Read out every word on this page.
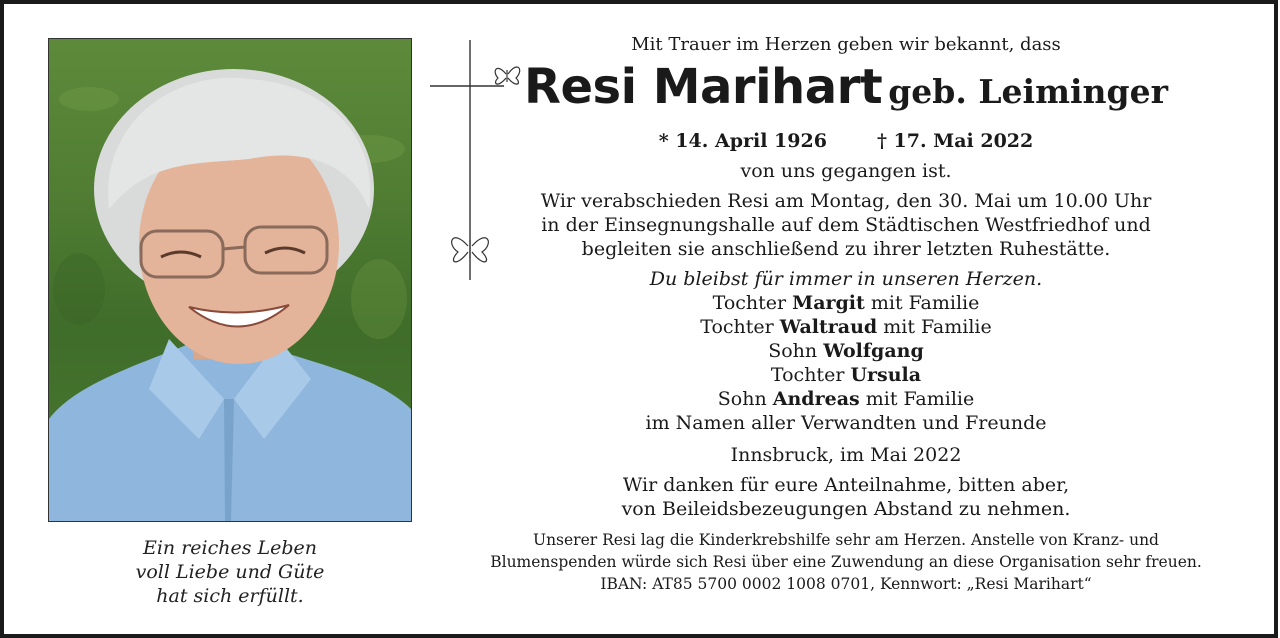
Ein reiches Leben
voll Liebe und Güte
hat sich erfüllt.
Mit Trauer im Herzen geben wir bekannt, dass
Resi Marihart geb. Leiminger
* 14. April 1926	† 17. Mai 2022
von uns gegangen ist.
Wir verabschieden Resi am Montag, den 30. Mai um 10.00 Uhr
in der Einsegnungshalle auf dem Städtischen Westfriedhof und
begleiten sie anschließend zu ihrer letzten Ruhestätte.
Du bleibst für immer in unseren Herzen.
Tochter Margit mit Familie
Tochter Waltraud mit Familie
Sohn Wolfgang
Tochter Ursula
Sohn Andreas mit Familie
im Namen aller Verwandten und Freunde
Innsbruck, im Mai 2022
Wir danken für eure Anteilnahme, bitten aber,
von Beileidsbezeugungen Abstand zu nehmen.
Unserer Resi lag die Kinderkrebshilfe sehr am Herzen. Anstelle von Kranz- und
Blumenspenden würde sich Resi über eine Zuwendung an diese Organisation sehr freuen.
IBAN: AT85 5700 0002 1008 0701, Kennwort: „Resi Marihart“
